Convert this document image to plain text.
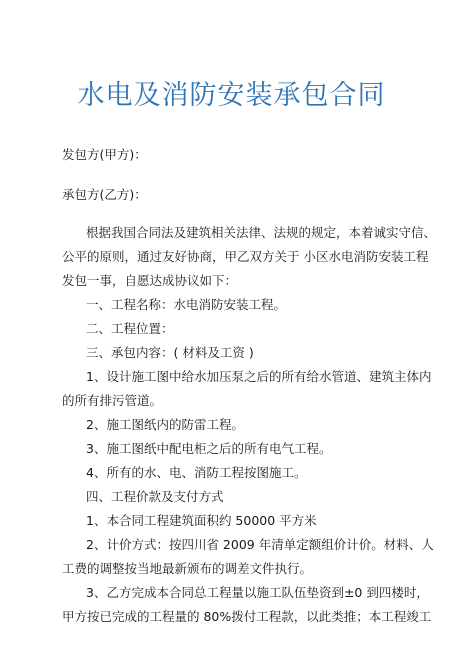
水电及消防安装承包合同
发包方(甲方)：
承包方(乙方)：
根据我国合同法及建筑相关法律、法规的规定，本着诚实守信、
公平的原则，通过友好协商，甲乙双方关于 小区水电消防安装工程
发包一事，自愿达成协议如下：
一、工程名称：水电消防安装工程。
二、工程位置：
三、承包内容：( 材料及工资 )
1、设计施工图中给水加压泵之后的所有给水管道、建筑主体内
的所有排污管道。
2、施工图纸内的防雷工程。
3、施工图纸中配电柜之后的所有电气工程。
4、所有的水、电、消防工程按图施工。
四、工程价款及支付方式
1、本合同工程建筑面积约 50000 平方米
2、计价方式：按四川省 2009 年清单定额组价计价。材料、人
工费的调整按当地最新颁布的调差文件执行。
3、乙方完成本合同总工程量以施工队伍垫资到±0 到四楼时，
甲方按已完成的工程量的 80%拨付工程款，以此类推；本工程竣工
